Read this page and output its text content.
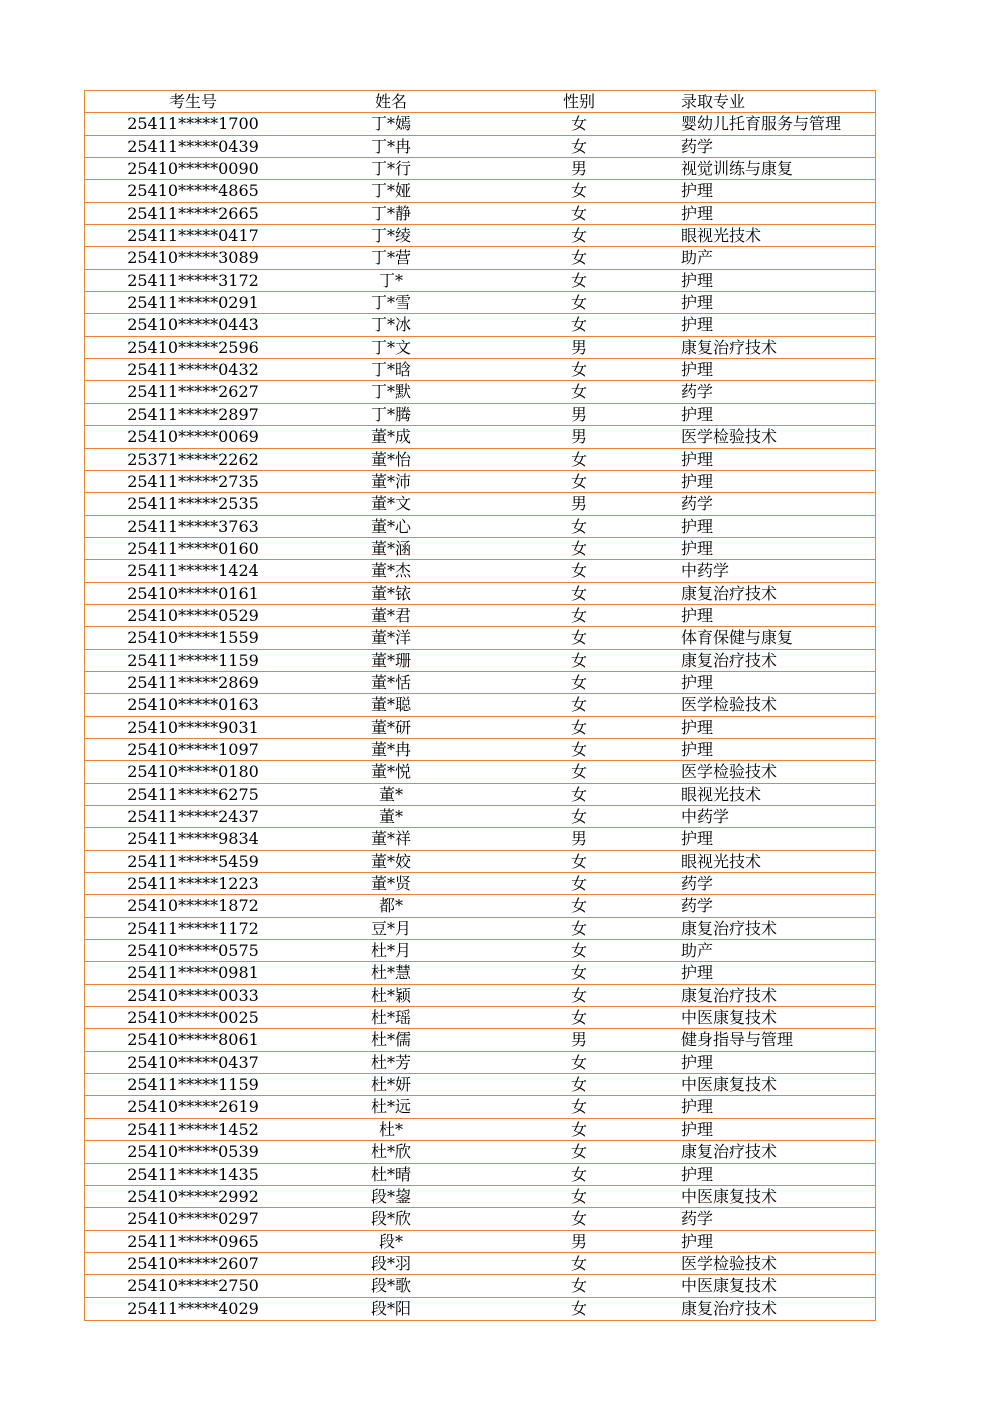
考生号	姓名	性别	录取专业
25411*****1700	丁*嫣	女	婴幼儿托育服务与管理
25411*****0439	丁*冉	女	药学
25410*****0090	丁*行	男	视觉训练与康复
25410*****4865	丁*娅	女	护理
25411*****2665	丁*静	女	护理
25411*****0417	丁*绫	女	眼视光技术
25410*****3089	丁*营	女	助产
25411*****3172	丁*	女	护理
25411*****0291	丁*雪	女	护理
25410*****0443	丁*冰	女	护理
25410*****2596	丁*文	男	康复治疗技术
25411*****0432	丁*晗	女	护理
25411*****2627	丁*默	女	药学
25411*****2897	丁*腾	男	护理
25410*****0069	董*成	男	医学检验技术
25371*****2262	董*怡	女	护理
25411*****2735	董*沛	女	护理
25411*****2535	董*文	男	药学
25411*****3763	董*心	女	护理
25411*****0160	董*涵	女	护理
25411*****1424	董*杰	女	中药学
25410*****0161	董*铱	女	康复治疗技术
25410*****0529	董*君	女	护理
25410*****1559	董*洋	女	体育保健与康复
25411*****1159	董*珊	女	康复治疗技术
25411*****2869	董*恬	女	护理
25410*****0163	董*聪	女	医学检验技术
25410*****9031	董*研	女	护理
25410*****1097	董*冉	女	护理
25410*****0180	董*悦	女	医学检验技术
25411*****6275	董*	女	眼视光技术
25411*****2437	董*	女	中药学
25411*****9834	董*祥	男	护理
25411*****5459	董*姣	女	眼视光技术
25411*****1223	董*贤	女	药学
25410*****1872	都*	女	药学
25411*****1172	豆*月	女	康复治疗技术
25410*****0575	杜*月	女	助产
25411*****0981	杜*慧	女	护理
25410*****0033	杜*颖	女	康复治疗技术
25410*****0025	杜*瑶	女	中医康复技术
25410*****8061	杜*儒	男	健身指导与管理
25410*****0437	杜*芳	女	护理
25411*****1159	杜*妍	女	中医康复技术
25410*****2619	杜*远	女	护理
25411*****1452	杜*	女	护理
25410*****0539	杜*欣	女	康复治疗技术
25411*****1435	杜*晴	女	护理
25410*****2992	段*鋆	女	中医康复技术
25410*****0297	段*欣	女	药学
25411*****0965	段*	男	护理
25410*****2607	段*羽	女	医学检验技术
25410*****2750	段*歌	女	中医康复技术
25411*****4029	段*阳	女	康复治疗技术
